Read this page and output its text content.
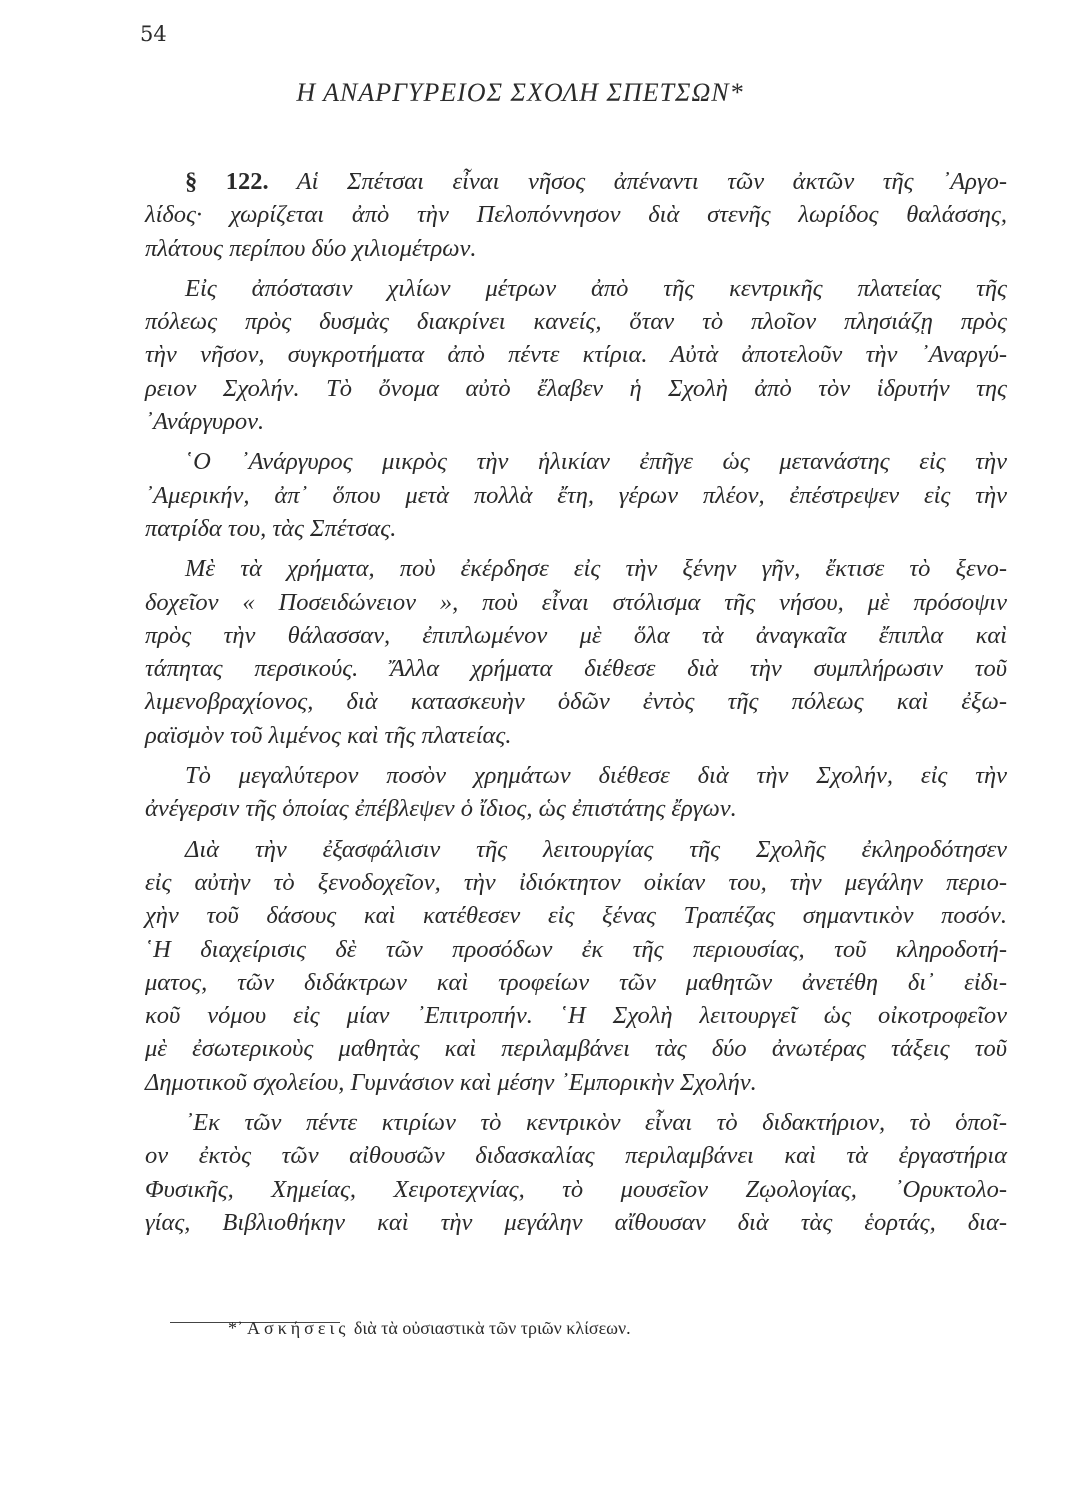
54
Η ΑΝΑΡΓΥΡΕΙΟΣ ΣΧΟΛΗ ΣΠΕΤΣΩΝ*
§ 122. Αἱ Σπέτσαι εἶναι νῆσος ἀπέναντι τῶν ἀκτῶν τῆς ᾿Αργο-
λίδος· χωρίζεται ἀπὸ τὴν Πελοπόννησον διὰ στενῆς λωρίδος θαλάσσης,
πλάτους περίπου δύο χιλιομέτρων.
Εἰς ἀπόστασιν χιλίων μέτρων ἀπὸ τῆς κεντρικῆς πλατείας τῆς
πόλεως πρὸς δυσμὰς διακρίνει κανείς, ὅταν τὸ πλοῖον πλησιάζῃ πρὸς
τὴν νῆσον, συγκροτήματα ἀπὸ πέντε κτίρια. Αὐτὰ ἀποτελοῦν τὴν ᾿Αναργύ-
ρειον Σχολήν. Τὸ ὄνομα αὐτὸ ἔλαβεν ἡ Σχολὴ ἀπὸ τὸν ἱδρυτήν της
᾿Ανάργυρον.
῾Ο ᾿Ανάργυρος μικρὸς τὴν ἡλικίαν ἐπῆγε ὡς μετανάστης εἰς τὴν
᾿Αμερικήν, ἀπ᾿ ὅπου μετὰ πολλὰ ἔτη, γέρων πλέον, ἐπέστρεψεν εἰς τὴν
πατρίδα του, τὰς Σπέτσας.
Μὲ τὰ χρήματα, ποὺ ἐκέρδησε εἰς τὴν ξένην γῆν, ἔκτισε τὸ ξενο-
δοχεῖον « Ποσειδώνειον », ποὺ εἶναι στόλισμα τῆς νήσου, μὲ πρόσοψιν
πρὸς τὴν θάλασσαν, ἐπιπλωμένον μὲ ὅλα τὰ ἀναγκαῖα ἔπιπλα καὶ
τάπητας περσικούς. Ἄλλα χρήματα διέθεσε διὰ τὴν συμπλήρωσιν τοῦ
λιμενοβραχίονος, διὰ κατασκευὴν ὁδῶν ἐντὸς τῆς πόλεως καὶ ἐξω-
ραϊσμὸν τοῦ λιμένος καὶ τῆς πλατείας.
Τὸ μεγαλύτερον ποσὸν χρημάτων διέθεσε διὰ τὴν Σχολήν, εἰς τὴν
ἀνέγερσιν τῆς ὁποίας ἐπέβλεψεν ὁ ἴδιος, ὡς ἐπιστάτης ἔργων.
Διὰ τὴν ἐξασφάλισιν τῆς λειτουργίας τῆς Σχολῆς ἐκληροδότησεν
εἰς αὐτὴν τὸ ξενοδοχεῖον, τὴν ἰδιόκτητον οἰκίαν του, τὴν μεγάλην περιο-
χὴν τοῦ δάσους καὶ κατέθεσεν εἰς ξένας Τραπέζας σημαντικὸν ποσόν.
῾Η διαχείρισις δὲ τῶν προσόδων ἐκ τῆς περιουσίας, τοῦ κληροδοτή-
ματος, τῶν διδάκτρων καὶ τροφείων τῶν μαθητῶν ἀνετέθη δι᾿ εἰδι-
κοῦ νόμου εἰς μίαν ᾿Επιτροπήν. ῾Η Σχολὴ λειτουργεῖ ὡς οἰκοτροφεῖον
μὲ ἐσωτερικοὺς μαθητὰς καὶ περιλαμβάνει τὰς δύο ἀνωτέρας τάξεις τοῦ
Δημοτικοῦ σχολείου, Γυμνάσιον καὶ μέσην ᾿Εμπορικὴν Σχολήν.
᾿Εκ τῶν πέντε κτιρίων τὸ κεντρικὸν εἶναι τὸ διδακτήριον, τὸ ὁποῖ-
ον ἐκτὸς τῶν αἰθουσῶν διδασκαλίας περιλαμβάνει καὶ τὰ ἐργαστήρια
Φυσικῆς, Χημείας, Χειροτεχνίας, τὸ μουσεῖον Ζῳολογίας, ᾿Ορυκτολο-
γίας, Βιβλιοθήκην καὶ τὴν μεγάλην αἴθουσαν διὰ τὰς ἑορτάς, δια-
*᾿Ασκήσεις διὰ τὰ οὐσιαστικὰ τῶν τριῶν κλίσεων.
